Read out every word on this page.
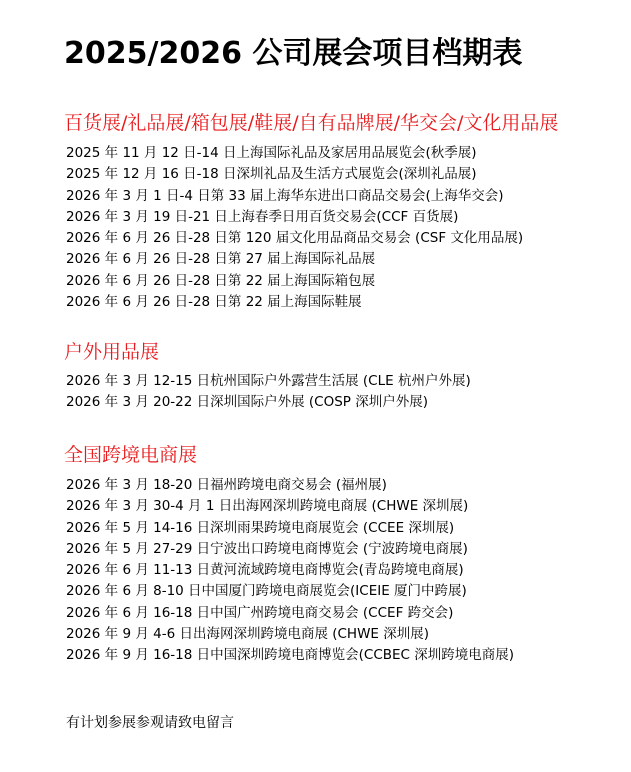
2025/2026 公司展会项目档期表
百货展/礼品展/箱包展/鞋展/自有品牌展/华交会/文化用品展
2025 年 11 月 12 日-14 日上海国际礼品及家居用品展览会(秋季展)
2025 年 12 月 16 日-18 日深圳礼品及生活方式展览会(深圳礼品展)
2026 年 3 月 1 日-4 日第 33 届上海华东进出口商品交易会(上海华交会)
2026 年 3 月 19 日-21 日上海春季日用百货交易会(CCF 百货展)
2026 年 6 月 26 日-28 日第 120 届文化用品商品交易会 (CSF 文化用品展)
2026 年 6 月 26 日-28 日第 27 届上海国际礼品展
2026 年 6 月 26 日-28 日第 22 届上海国际箱包展
2026 年 6 月 26 日-28 日第 22 届上海国际鞋展
户外用品展
2026 年 3 月 12-15 日杭州国际户外露营生活展 (CLE 杭州户外展)
2026 年 3 月 20-22 日深圳国际户外展 (COSP 深圳户外展)
全国跨境电商展
2026 年 3 月 18-20 日福州跨境电商交易会 (福州展)
2026 年 3 月 30-4 月 1 日出海网深圳跨境电商展 (CHWE 深圳展)
2026 年 5 月 14-16 日深圳雨果跨境电商展览会 (CCEE 深圳展)
2026 年 5 月 27-29 日宁波出口跨境电商博览会 (宁波跨境电商展)
2026 年 6 月 11-13 日黄河流域跨境电商博览会(青岛跨境电商展)
2026 年 6 月 8-10 日中国厦门跨境电商展览会(ICEIE 厦门中跨展)
2026 年 6 月 16-18 日中国广州跨境电商交易会 (CCEF 跨交会)
2026 年 9 月 4-6 日出海网深圳跨境电商展 (CHWE 深圳展)
2026 年 9 月 16-18 日中国深圳跨境电商博览会(CCBEC 深圳跨境电商展)
有计划参展参观请致电留言
